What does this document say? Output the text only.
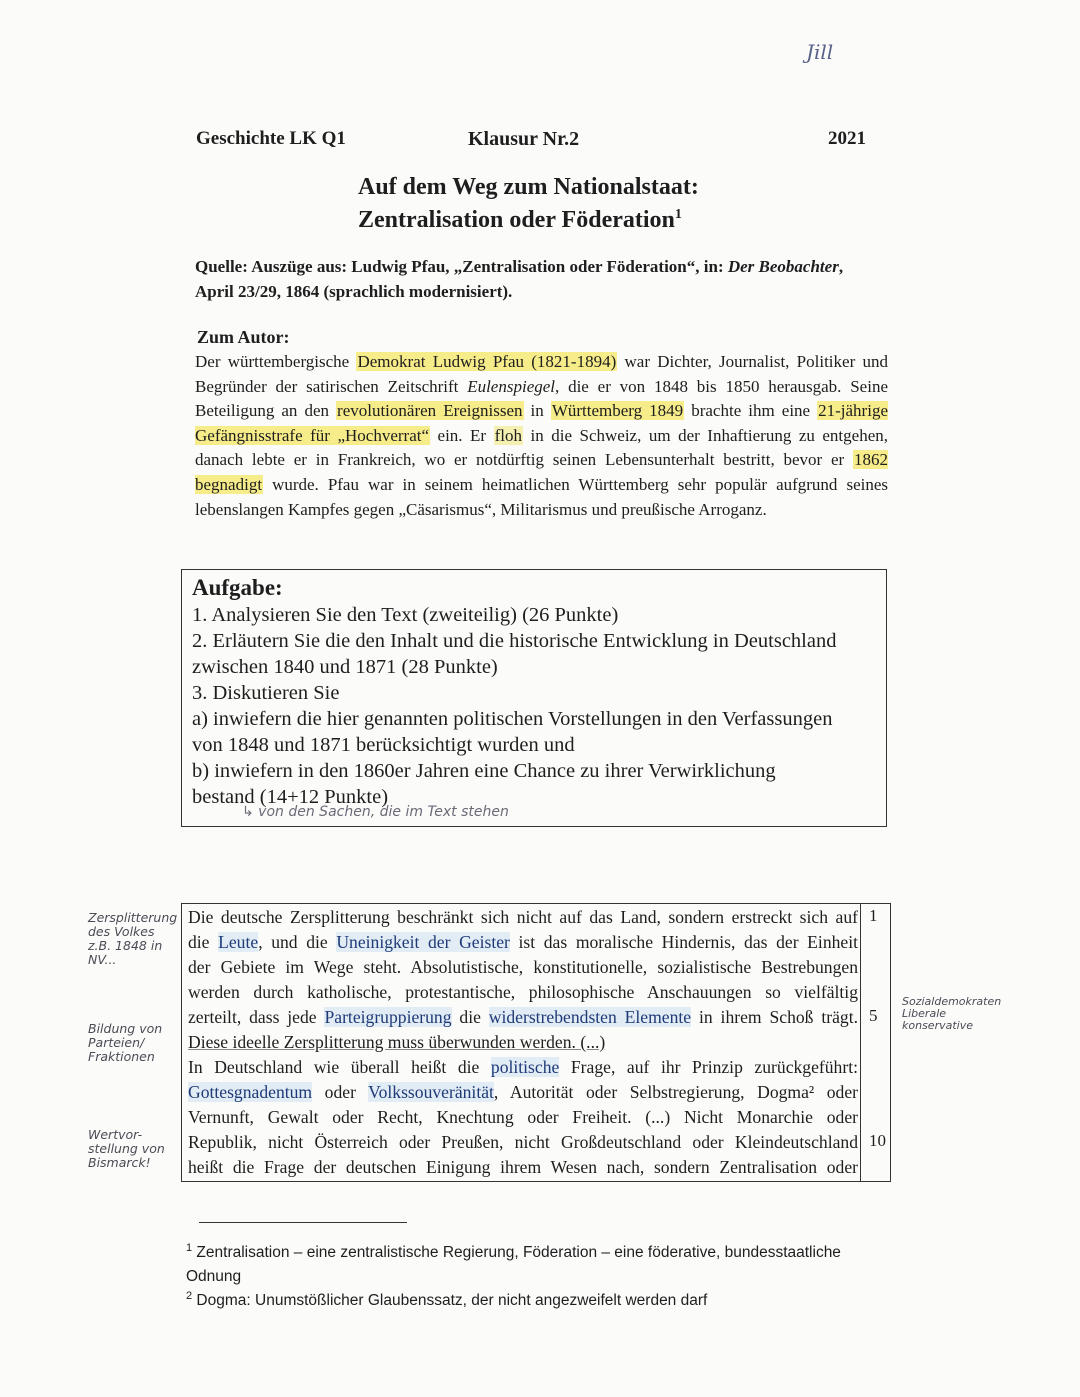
Jill
Geschichte LK Q1	Klausur Nr.2	2021
Auf dem Weg zum Nationalstaat:
Zentralisation oder Föderation$^1$
Quelle: Auszüge aus: Ludwig Pfau, „Zentralisation oder Föderation“, in: Der Beobachter, April 23/29, 1864 (sprachlich modernisiert).
Zum Autor:
Der württembergische Demokrat Ludwig Pfau (1821-1894) war Dichter, Journalist, Politiker und Begründer der satirischen Zeitschrift Eulenspiegel, die er von 1848 bis 1850 herausgab. Seine Beteiligung an den revolutionären Ereignissen in Württemberg 1849 brachte ihm eine 21-jährige Gefängnisstrafe für „Hochverrat“ ein. Er floh in die Schweiz, um der Inhaftierung zu entgehen, danach lebte er in Frankreich, wo er notdürftig seinen Lebensunterhalt bestritt, bevor er 1862 begnadigt wurde. Pfau war in seinem heimatlichen Württemberg sehr populär aufgrund seines lebenslangen Kampfes gegen „Cäsarismus“, Militarismus und preußische Arroganz.
Aufgabe:
1. Analysieren Sie den Text (zweiteilig) (26 Punkte)
2. Erläutern Sie die den Inhalt und die historische Entwicklung in Deutschland
zwischen 1840 und 1871 (28 Punkte)
3. Diskutieren Sie
a) inwiefern die hier genannten politischen Vorstellungen in den Verfassungen
von 1848 und 1871 berücksichtigt wurden und
b) inwiefern in den 1860er Jahren eine Chance zu ihrer Verwirklichung
bestand (14+12 Punkte)
↳ von den Sachen, die im Text stehen
Die deutsche Zersplitterung beschränkt sich nicht auf das Land, sondern erstreckt sich auf
die Leute, und die Uneinigkeit der Geister ist das moralische Hindernis, das der Einheit
der Gebiete im Wege steht. Absolutistische, konstitutionelle, sozialistische Bestrebungen
werden durch katholische, protestantische, philosophische Anschauungen so vielfältig
zerteilt, dass jede Parteigruppierung die widerstrebendsten Elemente in ihrem Schoß trägt.
Diese ideelle Zersplitterung muss überwunden werden. (...)
In Deutschland wie überall heißt die politische Frage, auf ihr Prinzip zurückgeführt:
Gottesgnadentum oder Volkssouveränität, Autorität oder Selbstregierung, Dogma² oder
Vernunft, Gewalt oder Recht, Knechtung oder Freiheit. (...) Nicht Monarchie oder
Republik, nicht Österreich oder Preußen, nicht Großdeutschland oder Kleindeutschland
heißt die Frage der deutschen Einigung ihrem Wesen nach, sondern Zentralisation oder
1
5
10
Zersplitterung des Volkes z.B. 1848 in NV...
Bildung von Parteien/ Fraktionen
Wertvor- stellung von Bismarck!
Sozialdemokraten Liberale konservative
$^1$ Zentralisation – eine zentralistische Regierung, Föderation – eine föderative, bundesstaatliche Odnung
$^2$ Dogma: Unumstößlicher Glaubenssatz, der nicht angezweifelt werden darf
